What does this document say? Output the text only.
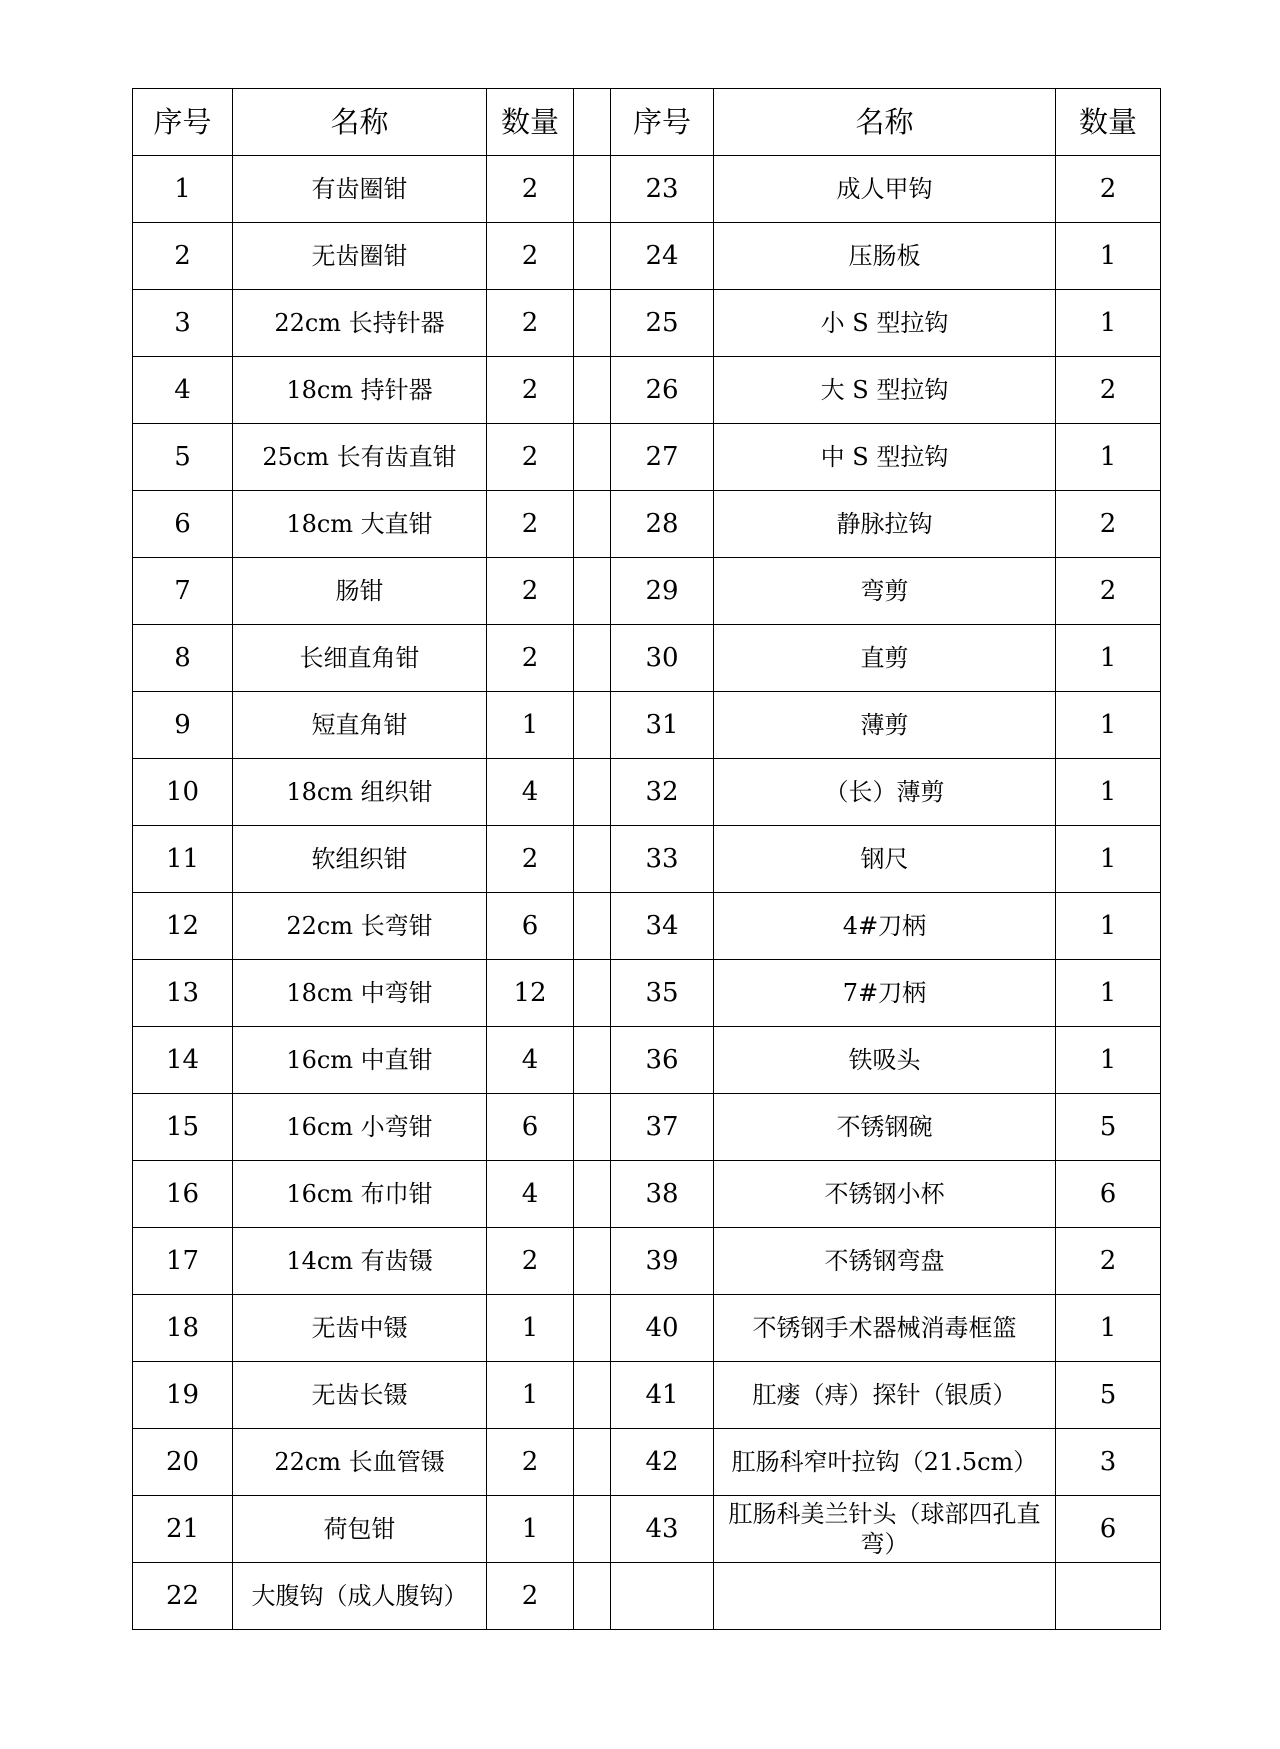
序号	名称	数量		序号	名称	数量
1	有齿圈钳	2		23	成人甲钩	2
2	无齿圈钳	2		24	压肠板	1
3	22cm 长持针器	2		25	小 S 型拉钩	1
4	18cm 持针器	2		26	大 S 型拉钩	2
5	25cm 长有齿直钳	2		27	中 S 型拉钩	1
6	18cm 大直钳	2		28	静脉拉钩	2
7	肠钳	2		29	弯剪	2
8	长细直角钳	2		30	直剪	1
9	短直角钳	1		31	薄剪	1
10	18cm 组织钳	4		32	（长）薄剪	1
11	软组织钳	2		33	钢尺	1
12	22cm 长弯钳	6		34	4#刀柄	1
13	18cm 中弯钳	12		35	7#刀柄	1
14	16cm 中直钳	4		36	铁吸头	1
15	16cm 小弯钳	6		37	不锈钢碗	5
16	16cm 布巾钳	4		38	不锈钢小杯	6
17	14cm 有齿镊	2		39	不锈钢弯盘	2
18	无齿中镊	1		40	不锈钢手术器械消毒框篮	1
19	无齿长镊	1		41	肛瘘（痔）探针（银质）	5
20	22cm 长血管镊	2		42	肛肠科窄叶拉钩（21.5cm）	3
21	荷包钳	1		43	肛肠科美兰针头（球部四孔直弯）	6
22	大腹钩（成人腹钩）	2				
